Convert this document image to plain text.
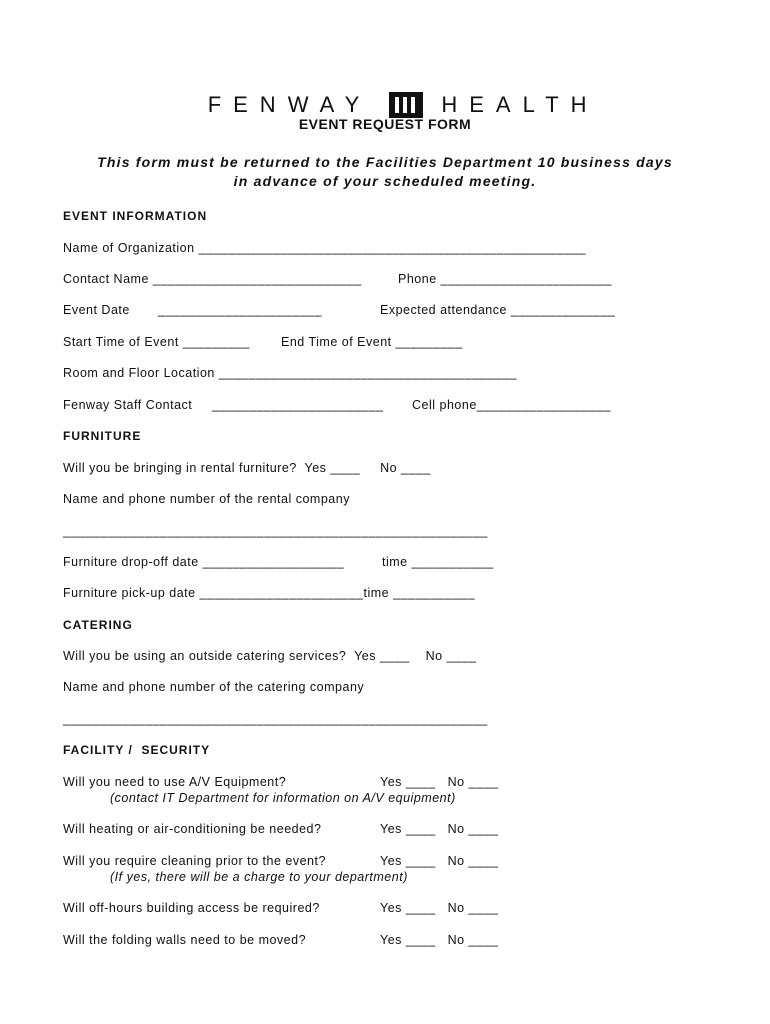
FENWAY

	HEALTH

EVENT REQUEST FORM
This form must be returned to the Facilities Department 10 business days
in advance of your scheduled meeting.
EVENT INFORMATION
Name of Organization ____________________________________________________
Contact Name ____________________________	Phone _______________________
Event Date ______________________	Expected attendance ______________
Start Time of Event _________ End Time of Event _________
Room and Floor Location ________________________________________
Fenway Staff Contact _______________________ Cell phone__________________
FURNITURE
Will you be bringing in rental furniture?  Yes ____     No ____
Name and phone number of the rental company
_________________________________________________________
Furniture drop-off date ___________________	time ___________
Furniture pick-up date ______________________time ___________
CATERING
Will you be using an outside catering services?  Yes ____    No ____
Name and phone number of the catering company
_________________________________________________________
FACILITY /  SECURITY
Will you need to use A/V Equipment?	Yes ____   No ____
(contact IT Department for information on A/V equipment)
Will heating or air-conditioning be needed?	Yes ____   No ____
Will you require cleaning prior to the event?	Yes ____   No ____
(If yes, there will be a charge to your department)
Will off-hours building access be required?	Yes ____   No ____
Will the folding walls need to be moved?	Yes ____   No ____
